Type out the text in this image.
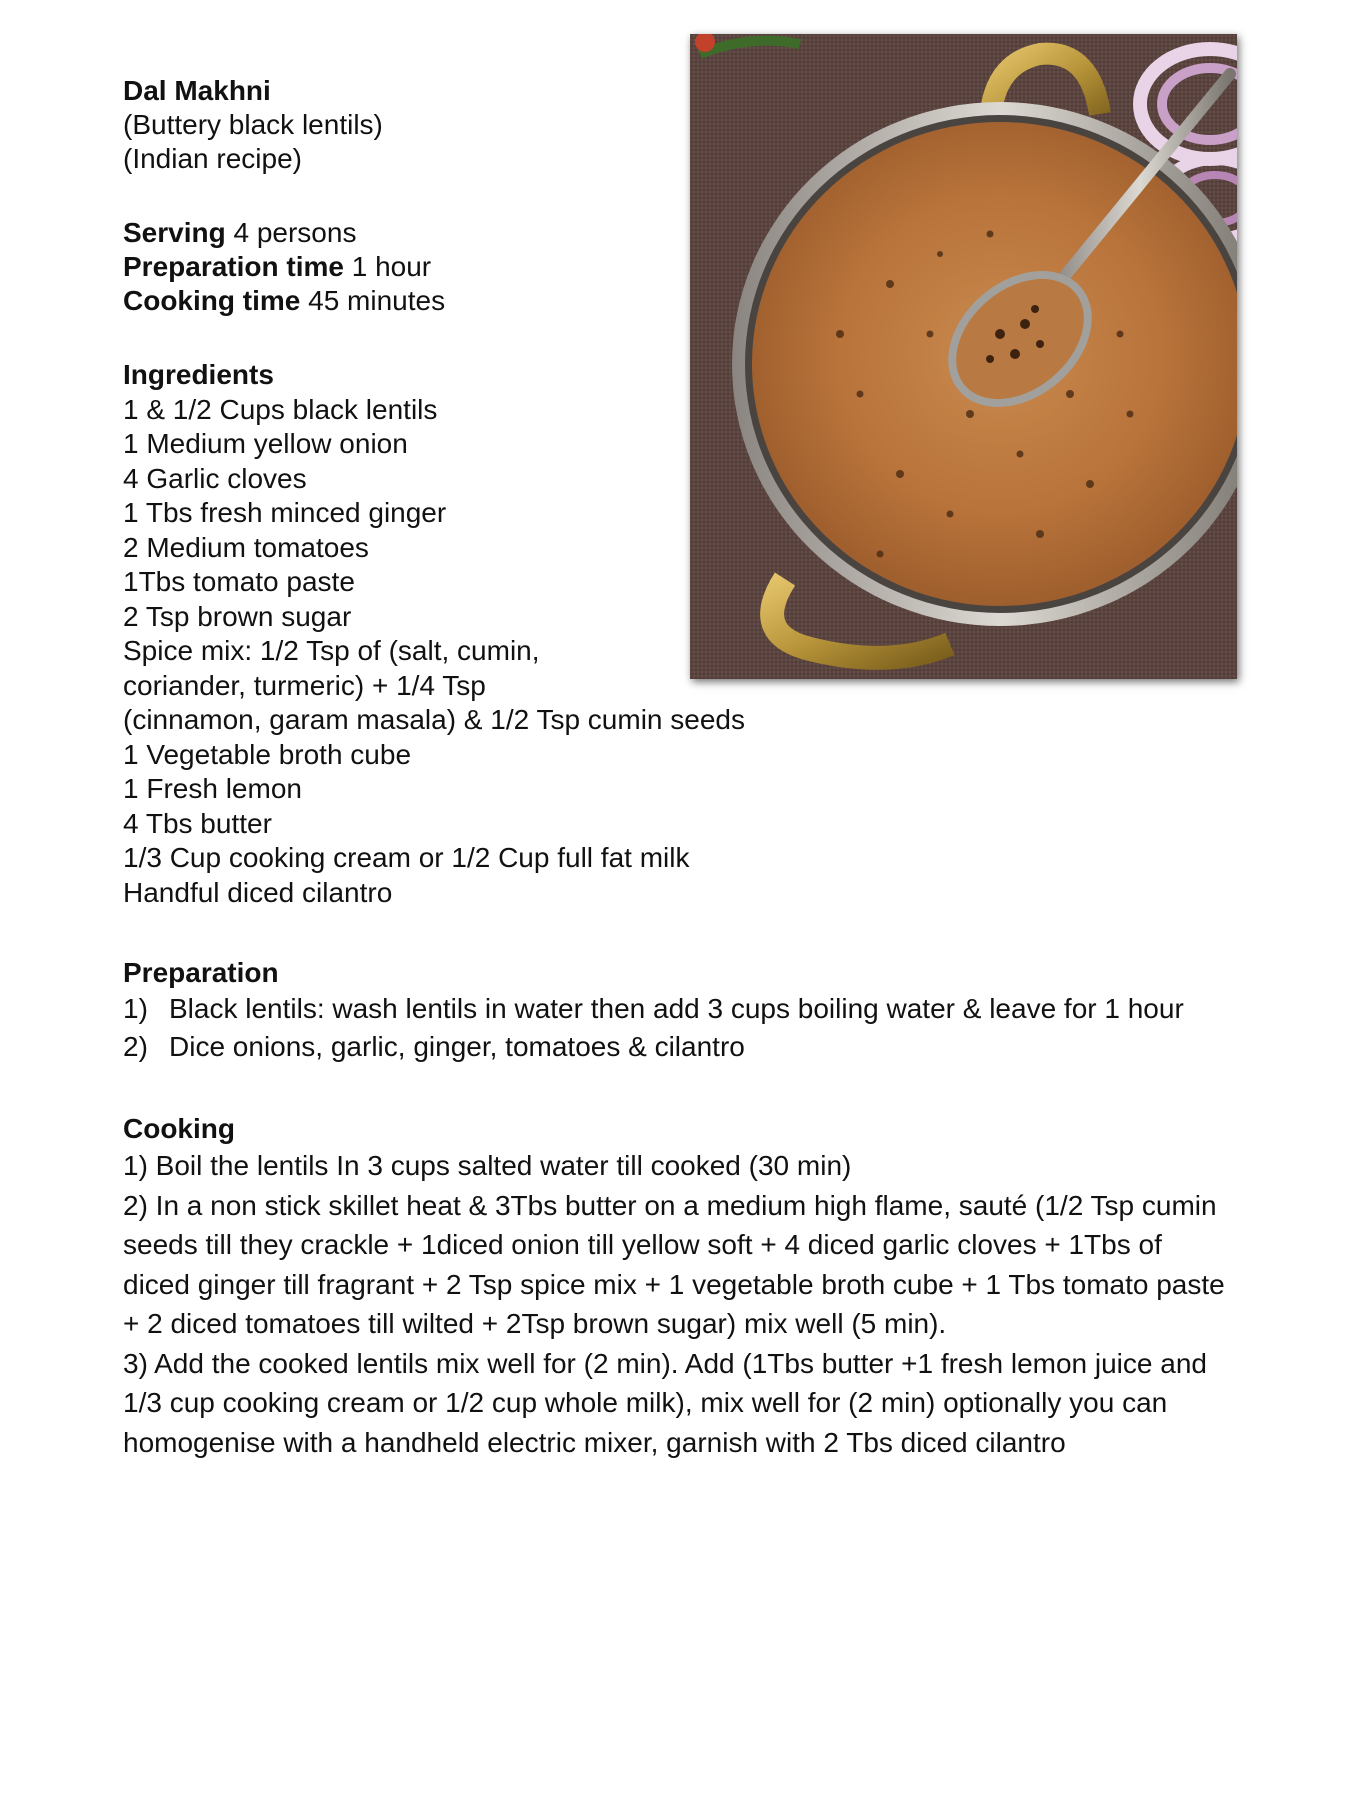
Dal Makhni
(Buttery black lentils)
(Indian recipe)
Serving 4 persons
Preparation time 1 hour
Cooking time 45 minutes
Ingredients
1 & 1/2 Cups black lentils
1 Medium yellow onion
4 Garlic cloves
1 Tbs fresh minced ginger
2 Medium tomatoes
1Tbs tomato paste
2 Tsp brown sugar
Spice mix: 1/2 Tsp of (salt, cumin,
coriander, turmeric) + 1/4 Tsp
(cinnamon, garam masala) & 1/2 Tsp cumin seeds
1 Vegetable broth cube
1 Fresh lemon
4 Tbs butter
1/3 Cup cooking cream or 1/2 Cup full fat milk
Handful diced cilantro
Preparation
1) Black lentils: wash lentils in water then add 3 cups boiling water & leave for 1 hour
2) Dice onions, garlic, ginger, tomatoes & cilantro
Cooking
1) Boil the lentils In 3 cups salted water till cooked (30 min)
2) In a non stick skillet heat & 3Tbs butter on a medium high flame, sauté (1/2 Tsp cumin seeds till they crackle + 1diced onion till yellow soft + 4 diced garlic cloves + 1Tbs of diced ginger till fragrant + 2 Tsp spice mix + 1 vegetable broth cube + 1 Tbs tomato paste + 2 diced tomatoes till wilted + 2Tsp brown sugar) mix well (5 min).
3) Add the cooked lentils mix well for (2 min). Add (1Tbs butter +1 fresh lemon juice and 1/3 cup cooking cream or 1/2 cup whole milk), mix well for (2 min) optionally you can homogenise with a handheld electric mixer, garnish with 2 Tbs diced cilantro
